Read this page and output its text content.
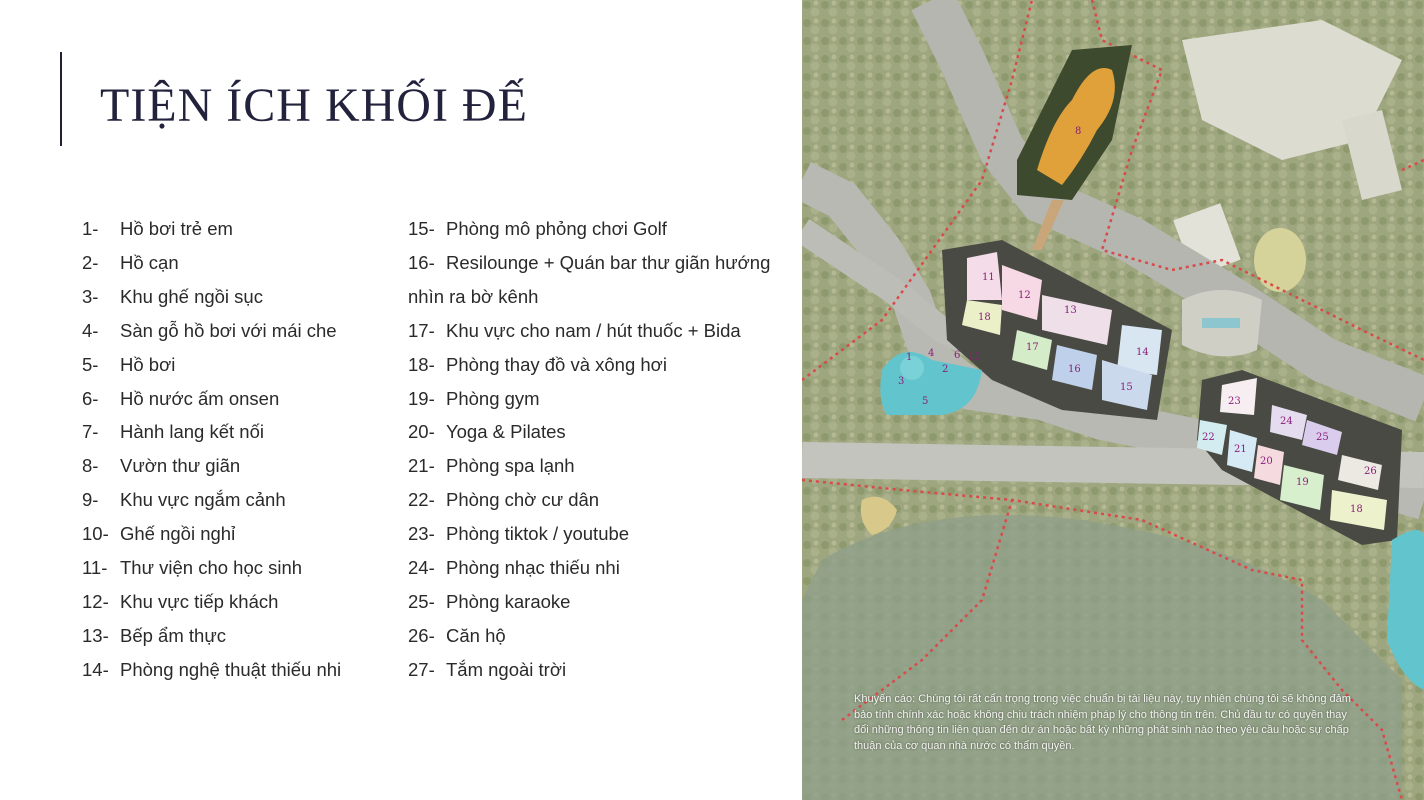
TIỆN ÍCH KHỐI ĐẾ
1- Hồ bơi trẻ em
2- Hồ cạn
3- Khu ghế ngồi sục
4- Sàn gỗ hồ bơi với mái che
5- Hồ bơi
6- Hồ nước ấm onsen
7- Hành lang kết nối
8- Vườn thư giãn
9- Khu vực ngắm cảnh
10- Ghế ngồi nghỉ
11- Thư viện cho học sinh
12- Khu vực tiếp khách
13- Bếp ẩm thực
14- Phòng nghệ thuật thiếu nhi
15- Phòng mô phỏng chơi Golf
16- Resilounge + Quán bar thư giãn hướng
nhìn ra bờ kênh
17- Khu vực cho nam / hút thuốc + Bida
18- Phòng thay đồ và xông hơi
19- Phòng gym
20- Yoga & Pilates
21- Phòng spa lạnh
22- Phòng chờ cư dân
23- Phòng tiktok / youtube
24- Phòng nhạc thiếu nhi
25- Phòng karaoke
26- Căn hộ
27- Tắm ngoài trời
8
11
12
13
14
15
16
17
18
5
1
3
4
2
6 10
23
24
25
26
22
21
20
19
18
Khuyến cáo: Chúng tôi rất cẩn trọng trong việc chuẩn bị tài liệu này, tuy nhiên chúng tôi sẽ không đảm bảo tính chính xác hoặc không chịu trách nhiệm pháp lý cho thông tin trên. Chủ đầu tư có quyền thay đổi những thông tin liên quan đến dự án hoặc bất kỳ những phát sinh nào theo yêu cầu hoặc sự chấp thuận của cơ quan nhà nước có thẩm quyền.
